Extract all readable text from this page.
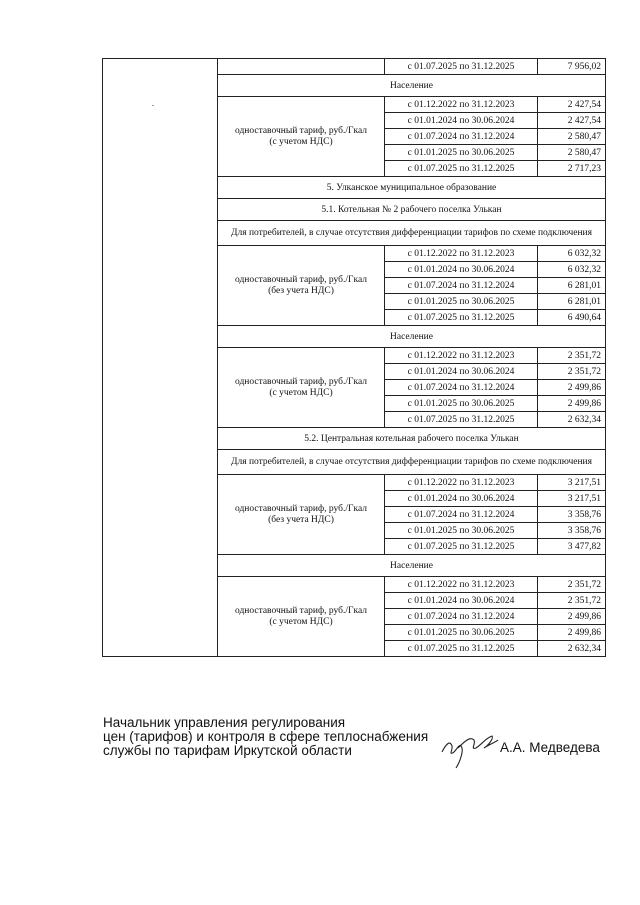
		с 01.07.2025 по 31.12.2025	7 956,02
	Население		

	одноставочный тариф, руб./Гкал
(с учетом НДС)	с 01.12.2022 по 31.12.2023	2 427,54
		с 01.01.2024 по 30.06.2024	2 427,54
		с 01.07.2024 по 31.12.2024	2 580,47
		с 01.01.2025 по 30.06.2025	2 580,47
		с 01.07.2025 по 31.12.2025	2 717,23
	5. Улканское муниципальное образование		
	5.1. Котельная № 2 рабочего поселка Улькан		
	Для потребителей, в случае отсутствия дифференциации тарифов по схеме подключения		

	одноставочный тариф, руб./Гкал
(без учета НДС)	с 01.12.2022 по 31.12.2023	6 032,32
		с 01.01.2024 по 30.06.2024	6 032,32
		с 01.07.2024 по 31.12.2024	6 281,01
		с 01.01.2025 по 30.06.2025	6 281,01
		с 01.07.2025 по 31.12.2025	6 490,64
	Население		

	одноставочный тариф, руб./Гкал
(с учетом НДС)	с 01.12.2022 по 31.12.2023	2 351,72
		с 01.01.2024 по 30.06.2024	2 351,72
		с 01.07.2024 по 31.12.2024	2 499,86
		с 01.01.2025 по 30.06.2025	2 499,86
		с 01.07.2025 по 31.12.2025	2 632,34
	5.2. Центральная котельная рабочего поселка Улькан		
	Для потребителей, в случае отсутствия дифференциации тарифов по схеме подключения		

	одноставочный тариф, руб./Гкал
(без учета НДС)	с 01.12.2022 по 31.12.2023	3 217,51
		с 01.01.2024 по 30.06.2024	3 217,51
		с 01.07.2024 по 31.12.2024	3 358,76
		с 01.01.2025 по 30.06.2025	3 358,76
		с 01.07.2025 по 31.12.2025	3 477,82
	Население		

	одноставочный тариф, руб./Гкал
(с учетом НДС)	с 01.12.2022 по 31.12.2023	2 351,72
		с 01.01.2024 по 30.06.2024	2 351,72
		с 01.07.2024 по 31.12.2024	2 499,86
		с 01.01.2025 по 30.06.2025	2 499,86
		с 01.07.2025 по 31.12.2025	2 632,34
Начальник управления регулирования
цен (тарифов) и контроля в сфере теплоснабжения
службы по тарифам Иркутской области	А.А. Медведева
